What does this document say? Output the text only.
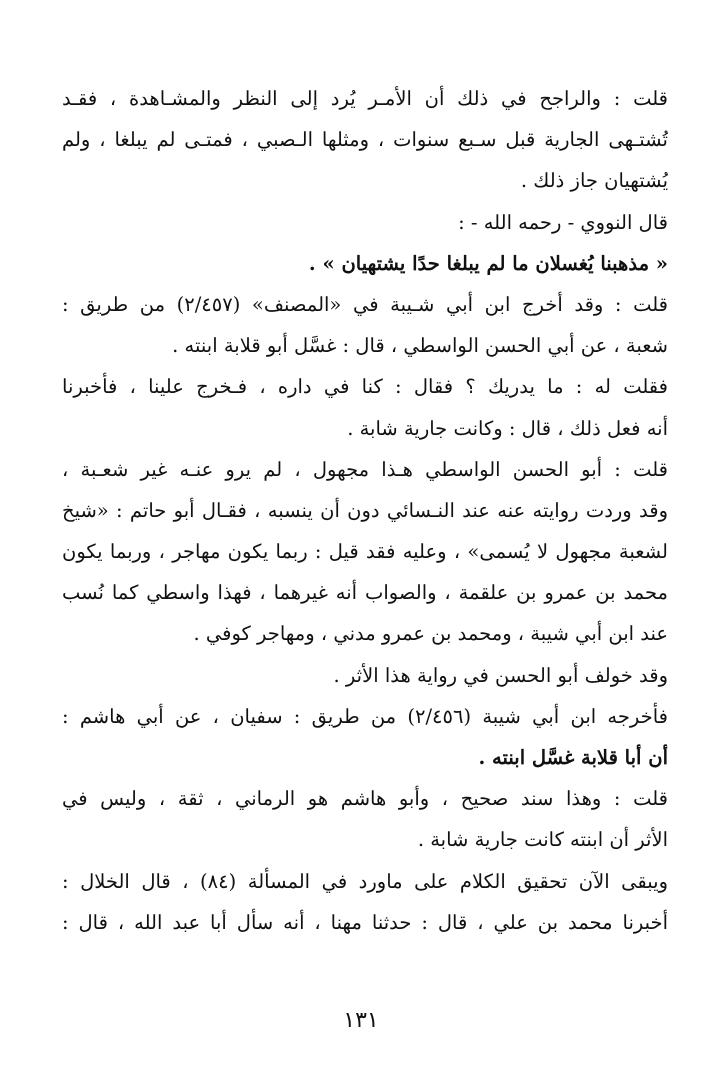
قلت : والراجح في ذلك أن الأمـر يُرد إلى النظر والمشـاهدة ، فقـد
تُشتـهى الجارية قبل سـبع سنوات ، ومثلها الـصبي ، فمتـى لم يبلغا ، ولم
يُشتهيان جاز ذلك .
قال النووي - رحمه الله - :
« مذهبنا يُغسلان ما لم يبلغا حدًا يشتهيان » .
قلت : وقد أخرج ابن أبي شـيبة في «المصنف» (٢/٤٥٧) من طريق :
شعبة ، عن أبي الحسن الواسطي ، قال : غسَّل أبو قلابة ابنته .
فقلت له : ما يدريك ؟ فقال : كنا في داره ، فـخرج علينا ، فأخبرنا
أنه فعل ذلك ، قال : وكانت جارية شابة .
قلت : أبو الحسن الواسطي هـذا مجهول ، لم يرو عنـه غير شعـبة ،
وقد وردت روايته عنه عند النـسائي دون أن ينسبه ، فقـال أبو حاتم : «شيخ
لشعبة مجهول لا يُسمى» ، وعليه فقد قيل : ربما يكون مهاجر ، وربما يكون
محمد بن عمرو بن علقمة ، والصواب أنه غيرهما ، فهذا واسطي كما نُسب
عند ابن أبي شيبة ، ومحمد بن عمرو مدني ، ومهاجر كوفي .
وقد خولف أبو الحسن في رواية هذا الأثر .
فأخرجه ابن أبي شيبة (٢/٤٥٦) من طريق : سفيان ، عن أبي هاشم :
أن أبا قلابة غسَّل ابنته .
قلت : وهذا سند صحيح ، وأبو هاشم هو الرماني ، ثقة ، وليس في
الأثر أن ابنته كانت جارية شابة .
ويبقى الآن تحقيق الكلام على ماورد في المسألة (٨٤) ، قال الخلال :
أخبرنا محمد بن علي ، قال : حدثنا مهنا ، أنه سأل أبا عبد الله ، قال :
١٣١
